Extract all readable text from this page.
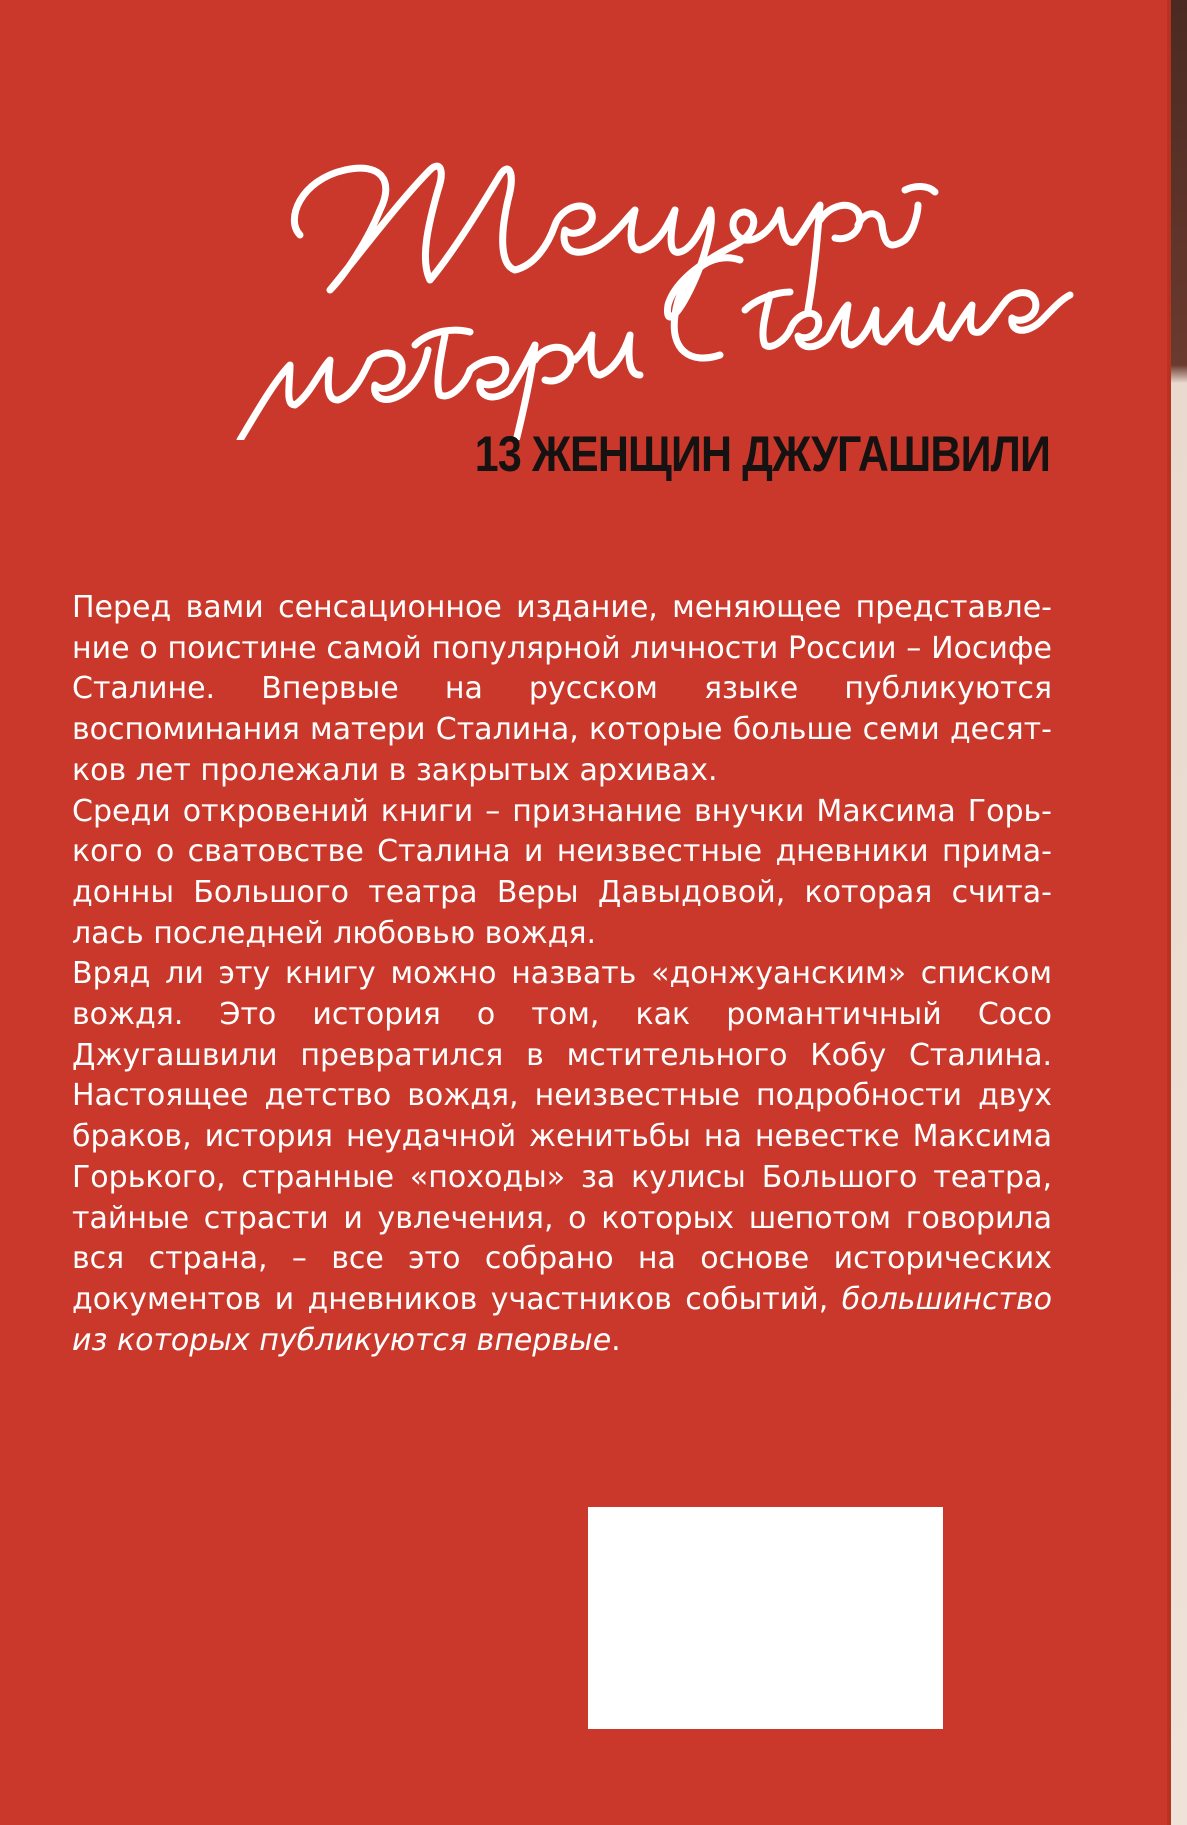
13 ЖЕНЩИН ДЖУГАШВИЛИ

Перед вами сенсационное издание, меняющее представление о поистине самой популярной личности России – Иосифе Сталине. Впервые на русском языке публикуются воспоминания матери Сталина, которые больше семи десятков лет пролежали в закрытых архивах.

Среди откровений книги – признание внучки Максима Горького о сватовстве Сталина и неизвестные дневники примадонны Большого театра Веры Давыдовой, которая считалась последней любовью вождя.

Вряд ли эту книгу можно назвать «донжуанским» списком вождя. Это история о том, как романтичный Сосо Джугашвили превратился в мстительного Кобу Сталина. Настоящее детство вождя, неизвестные подробности двух браков, история неудачной женитьбы на невестке Максима Горького, странные «походы» за кулисы Большого театра, тайные страсти и увлечения, о которых шепотом говорила вся страна, – все это собрано на основе исторических документов и дневников участников событий, большинство из которых публикуются впервые.
